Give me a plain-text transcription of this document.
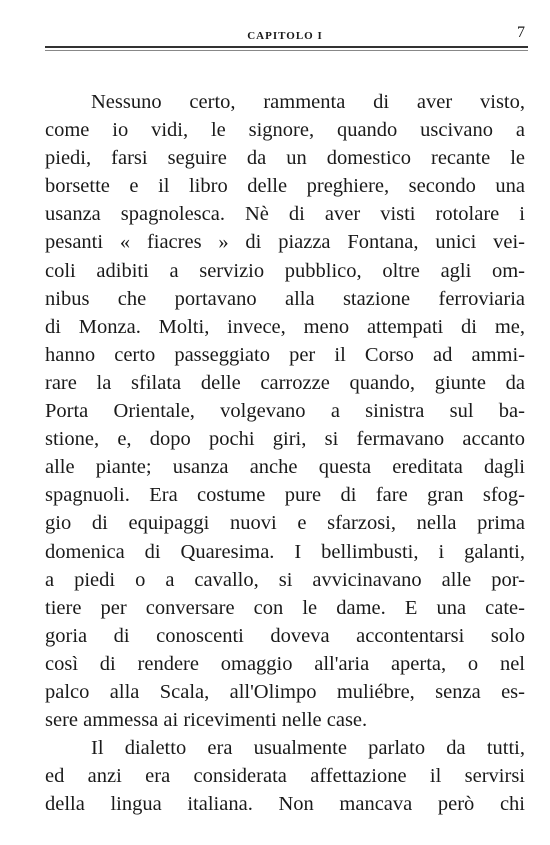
CAPITOLO I	7
Nessuno certo, rammenta di aver visto,
come io vidi, le signore, quando uscivano a
piedi, farsi seguire da un domestico recante le
borsette e il libro delle preghiere, secondo una
usanza spagnolesca. Nè di aver visti rotolare i
pesanti « fiacres » di piazza Fontana, unici vei-
coli adibiti a servizio pubblico, oltre agli om-
nibus che portavano alla stazione ferroviaria
di Monza. Molti, invece, meno attempati di me,
hanno certo passeggiato per il Corso ad ammi-
rare la sfilata delle carrozze quando, giunte da
Porta Orientale, volgevano a sinistra sul ba-
stione, e, dopo pochi giri, si fermavano accanto
alle piante; usanza anche questa ereditata dagli
spagnuoli. Era costume pure di fare gran sfog-
gio di equipaggi nuovi e sfarzosi, nella prima
domenica di Quaresima. I bellimbusti, i galanti,
a piedi o a cavallo, si avvicinavano alle por-
tiere per conversare con le dame. E una cate-
goria di conoscenti doveva accontentarsi solo
così di rendere omaggio all'aria aperta, o nel
palco alla Scala, all'Olimpo muliébre, senza es-
sere ammessa ai ricevimenti nelle case.
Il dialetto era usualmente parlato da tutti,
ed anzi era considerata affettazione il servirsi
della lingua italiana. Non mancava però chi
